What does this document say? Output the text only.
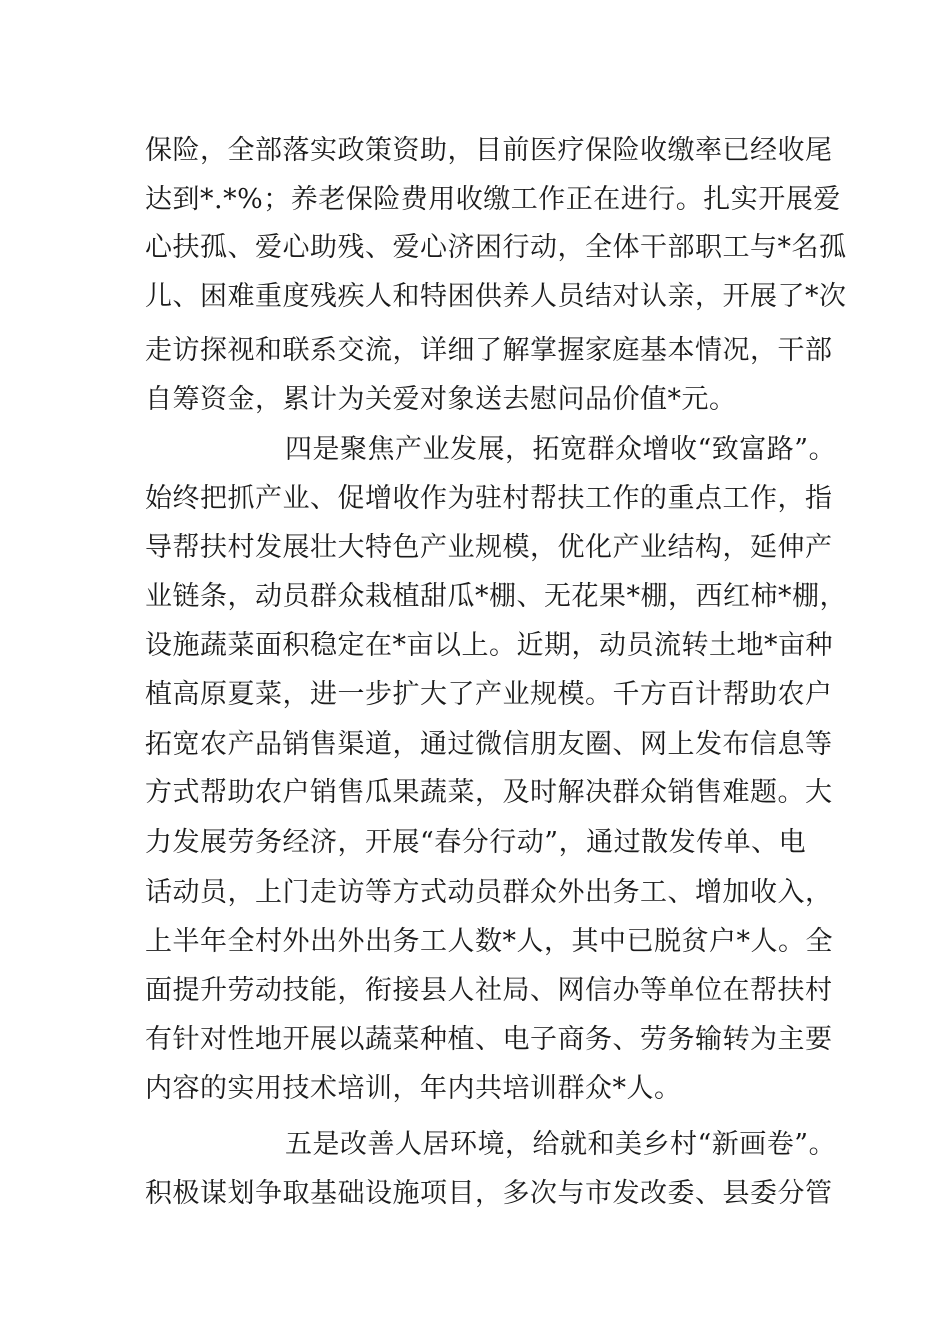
保险，全部落实政策资助，目前医疗保险收缴率已经收尾
达到*.*%；养老保险费用收缴工作正在进行。扎实开展爱
心扶孤、爱心助残、爱心济困行动，全体干部职工与*名孤
儿、困难重度残疾人和特困供养人员结对认亲，开展了*次
走访探视和联系交流，详细了解掌握家庭基本情况，干部
自筹资金，累计为关爱对象送去慰问品价值*元。
四是聚焦产业发展，拓宽群众增收“致富路”。
始终把抓产业、促增收作为驻村帮扶工作的重点工作，指
导帮扶村发展壮大特色产业规模，优化产业结构，延伸产
业链条，动员群众栽植甜瓜*棚、无花果*棚，西红柿*棚，
设施蔬菜面积稳定在*亩以上。近期，动员流转土地*亩种
植高原夏菜，进一步扩大了产业规模。千方百计帮助农户
拓宽农产品销售渠道，通过微信朋友圈、网上发布信息等
方式帮助农户销售瓜果蔬菜，及时解决群众销售难题。大
力发展劳务经济，开展“春分行动”，通过散发传单、电
话动员，上门走访等方式动员群众外出务工、增加收入，
上半年全村外出外出务工人数*人，其中已脱贫户*人。全
面提升劳动技能，衔接县人社局、网信办等单位在帮扶村
有针对性地开展以蔬菜种植、电子商务、劳务输转为主要
内容的实用技术培训，年内共培训群众*人。
五是改善人居环境，给就和美乡村“新画卷”。
积极谋划争取基础设施项目，多次与市发改委、县委分管
